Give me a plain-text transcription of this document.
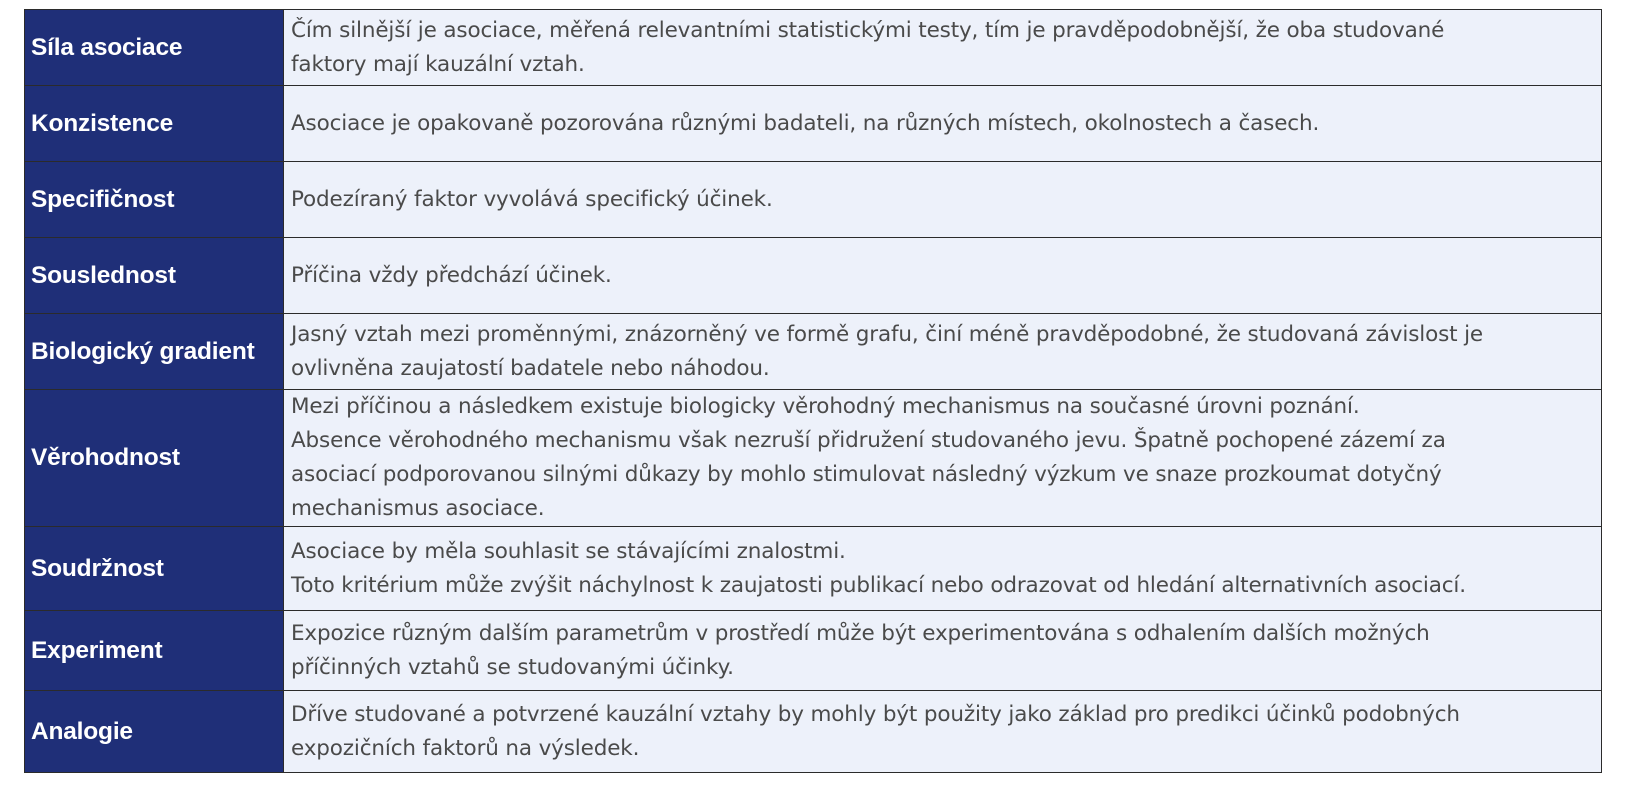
Síla asociace	Čím silnější je asociace, měřená relevantními statistickými testy, tím je pravděpodobnější, že oba studované
faktory mají kauzální vztah.

Konzistence	Asociace je opakovaně pozorována různými badateli, na různých místech, okolnostech a časech.

Specifičnost	Podezíraný faktor vyvolává specifický účinek.

Souslednost	Příčina vždy předchází účinek.

Biologický gradient	Jasný vztah mezi proměnnými, znázorněný ve formě grafu, činí méně pravděpodobné, že studovaná závislost je
ovlivněna zaujatostí badatele nebo náhodou.

Věrohodnost	Mezi příčinou a následkem existuje biologicky věrohodný mechanismus na současné úrovni poznání.
Absence věrohodného mechanismu však nezruší přidružení studovaného jevu. Špatně pochopené zázemí za
asociací podporovanou silnými důkazy by mohlo stimulovat následný výzkum ve snaze prozkoumat dotyčný
mechanismus asociace.

Soudržnost	Asociace by měla souhlasit se stávajícími znalostmi.
Toto kritérium může zvýšit náchylnost k zaujatosti publikací nebo odrazovat od hledání alternativních asociací.

Experiment	Expozice různým dalším parametrům v prostředí může být experimentována s odhalením dalších možných
příčinných vztahů se studovanými účinky.

Analogie	Dříve studované a potvrzené kauzální vztahy by mohly být použity jako základ pro predikci účinků podobných
expozičních faktorů na výsledek.
